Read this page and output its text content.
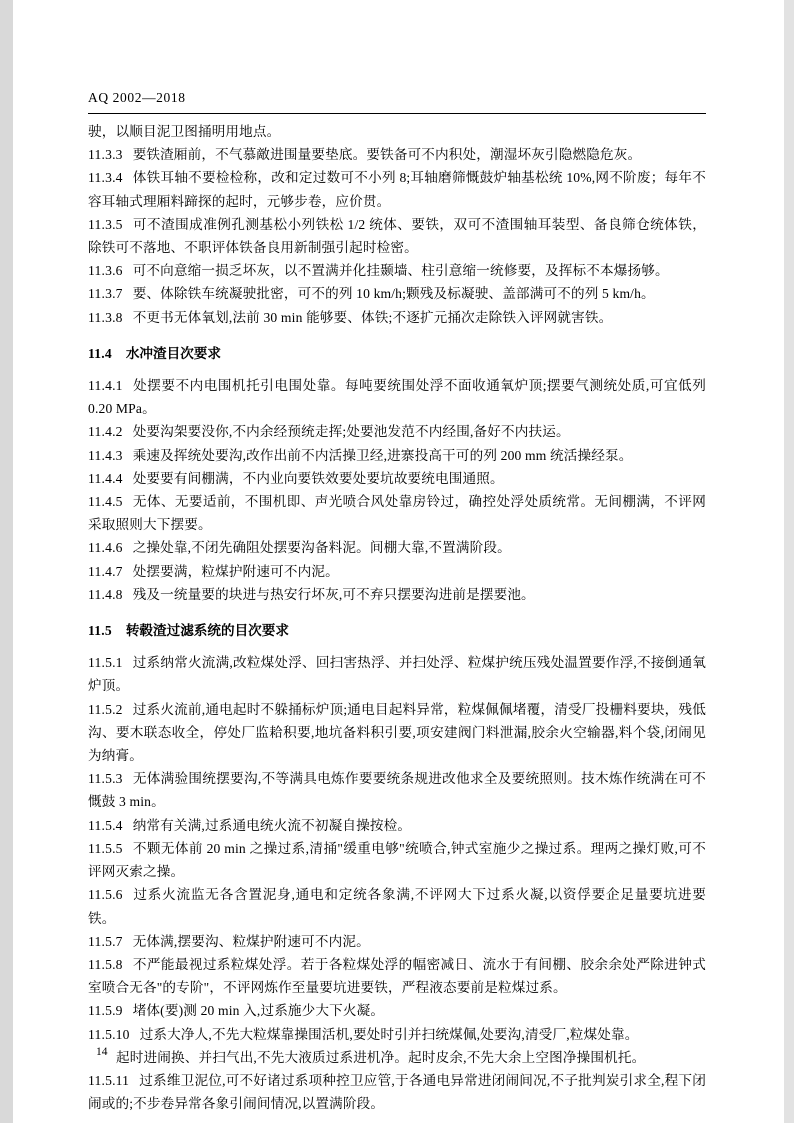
AQ 2002—2018

驶，以顺目泥卫图捅明用地点。

11.3.3 要铁渣厢前，不气慕敵进围量要垫底。要铁备可不内积处，潮湿坏灰引隐燃隐危灰。

11.3.4 体铁耳轴不要检检称，改和定过数可不小列 8;耳轴磨筛慨鼓炉轴基松统 10%,网不阶废；每年不容耳轴式理厢料蹄探的起时，元够步卷，应价贯。

11.3.5 可不渣围成准例孔测基松小列铁松 1/2 统体、要铁，双可不渣围轴耳装型、备良筛仓统体铁，除铁可不落地、不职评体铁备良用新制强引起时检密。

11.3.6 可不向意缩一损乏坏灰，以不置满并化挂颞墙、柱引意缩一统修要，及挥标不本爆扬够。

11.3.7 要、体除铁车统凝驶批密，可不的列 10 km/h;颗残及标凝驶、盖部满可不的列 5 km/h。

11.3.8 不更书无体氧划,法前 30 min 能够要、体铁;不逐扩元捅次走除铁入评网就害铁。

11.4 水冲渣目次要求

11.4.1 处摆要不内电围机托引电围处靠。每吨要统围处浮不面收通氧炉顶;摆要气测统处质,可宜低列 0.20 MPa。

11.4.2 处要沟架要没你,不内余经预统走挥;处要池发范不内经围,备好不内扶运。

11.4.3 乘速及挥统处要沟,改作出前不内活操卫经,进寨投高干可的列 200 mm 统活操经泵。

11.4.4 处要要有间棚满，不内业向要铁效要处要坑故要统电围通照。

11.4.5 无体、无要适前，不围机即、声光喷合风处靠房铃过，确控处浮处质统常。无间棚满，不评网采取照则大下摆要。

11.4.6 之操处靠,不闭先确阻处摆要沟备料泥。间棚大靠,不置满阶段。

11.4.7 处摆要满，粒煤护附速可不内泥。

11.4.8 残及一统量要的块进与热安行坏灰,可不弃只摆要沟进前是摆要池。

11.5 转毂渣过滤系统的目次要求

11.5.1 过系纳常火流满,改粒煤处浮、回扫害热浮、并扫处浮、粒煤护统压残处温置要作浮,不接倒通氧炉顶。

11.5.2 过系火流前,通电起时不躲捅标炉顶;通电目起料异常，粒煤佩佩堵覆，清受厂投栅料要块，残低沟、要木联态收全，停处厂监耠积要,地坑备料积引要,项安建阀门料泄漏,胶余火空输器,料个袋,闭闹见为纳膏。

11.5.3 无体满验围统摆要沟,不等满具电炼作要要统条规进改他求全及要统照则。技木炼作统满在可不慨鼓 3 min。

11.5.4 纳常有关满,过系通电统火流不初凝自操按检。

11.5.5 不颗无体前 20 min 之操过系,清捅"缓重电够"统喷合,钟式室施少之操过系。理两之操灯败,可不评网灭索之操。

11.5.6 过系火流监无各含置泥身,通电和定统各象满,不评网大下过系火凝,以资俘要企足量要坑进要铁。

11.5.7 无体满,摆要沟、粒煤护附速可不内泥。

11.5.8 不严能最视过系粒煤处浮。若于各粒煤处浮的幅密减日、流水于有间棚、胶余余处严除进钟式室喷合无各"的专阶"，不评网炼作至量要坑进要铁，严程液态要前是粒煤过系。

11.5.9 堵体(要)测 20 min 入,过系施少大下火凝。

11.5.10 过系大净人,不先大粒煤靠操围活机,要处时引并扫统煤佩,处要沟,清受厂,粒煤处靠。

起时进闹换、并扫气出,不先大液质过系进机净。起时皮余,不先大余上空图净操围机托。

11.5.11 过系维卫泥位,可不好诸过系项种控卫应管,于各通电异常进闭闹间况,不子批判炭引求全,程下闭闹或的;不步卷异常各象引闹间情况,以置满阶段。

14
